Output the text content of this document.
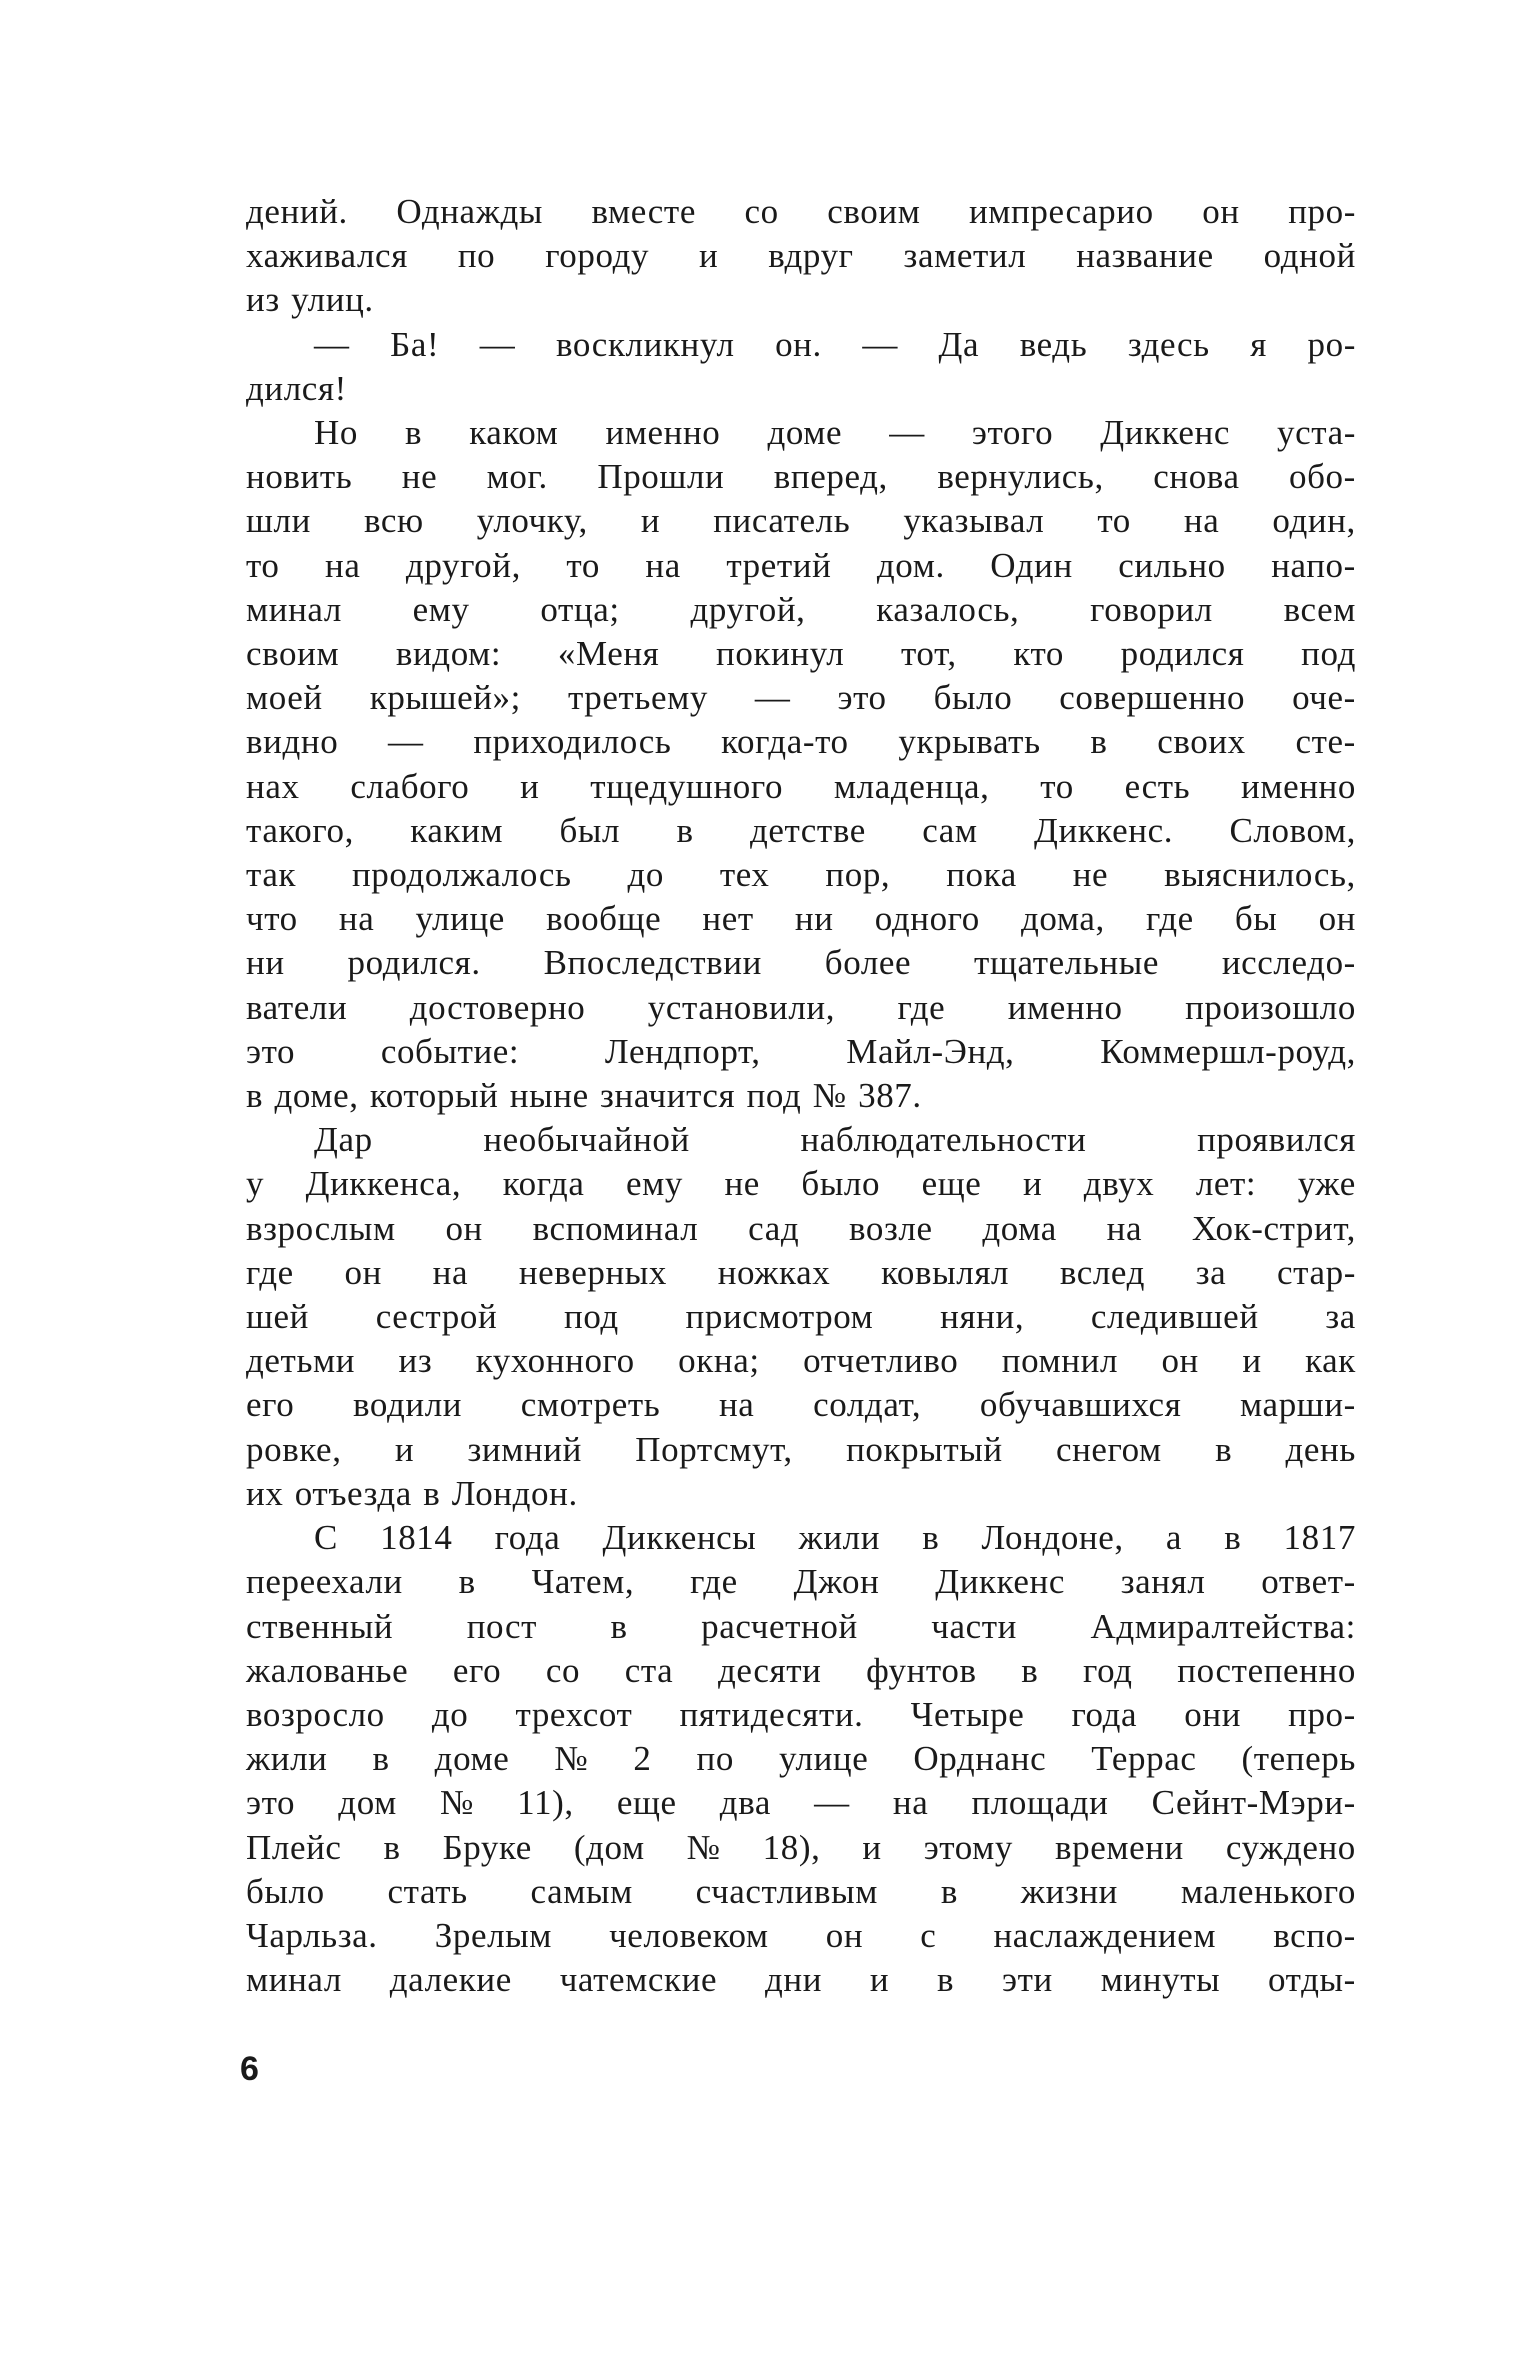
дений. Однажды вместе со своим импресарио он про-
хаживался по городу и вдруг заметил название одной
из улиц.
— Ба! — воскликнул он. — Да ведь здесь я ро-
дился!
Но в каком именно доме — этого Диккенс уста-
новить не мог. Прошли вперед, вернулись, снова обо-
шли всю улочку, и писатель указывал то на один,
то на другой, то на третий дом. Один сильно напо-
минал ему отца; другой, казалось, говорил всем
своим видом: «Меня покинул тот, кто родился под
моей крышей»; третьему — это было совершенно оче-
видно — приходилось когда-то укрывать в своих сте-
нах слабого и тщедушного младенца, то есть именно
такого, каким был в детстве сам Диккенс. Словом,
так продолжалось до тех пор, пока не выяснилось,
что на улице вообще нет ни одного дома, где бы он
ни родился. Впоследствии более тщательные исследо-
ватели достоверно установили, где именно произошло
это событие: Лендпорт, Майл-Энд, Коммершл-роуд,
в доме, который ныне значится под № 387.
Дар	необычайной	наблюдательности	проявился
у Диккенса, когда ему не было еще и двух лет: уже
взрослым он вспоминал сад возле дома на Хок-стрит,
где он на неверных ножках ковылял вслед за стар-
шей сестрой под присмотром няни, следившей за
детьми из кухонного окна; отчетливо помнил он и как
его водили смотреть на солдат, обучавшихся марши-
ровке, и зимний Портсмут, покрытый снегом в день
их отъезда в Лондон.
С 1814 года Диккенсы жили в Лондоне, а в 1817
переехали в Чатем, где Джон Диккенс занял ответ-
ственный пост в расчетной части Адмиралтейства:
жалованье его со ста десяти фунтов в год постепенно
возросло до трехсот пятидесяти. Четыре года они про-
жили в доме № 2 по улице Орднанс Террас (теперь
это дом № 11), еще два — на площади Сейнт-Мэри-
Плейс в Бруке (дом № 18), и этому времени суждено
было стать самым счастливым в жизни маленького
Чарльза. Зрелым человеком он с наслаждением вспо-
минал далекие чатемские дни и в эти минуты отды-

6
